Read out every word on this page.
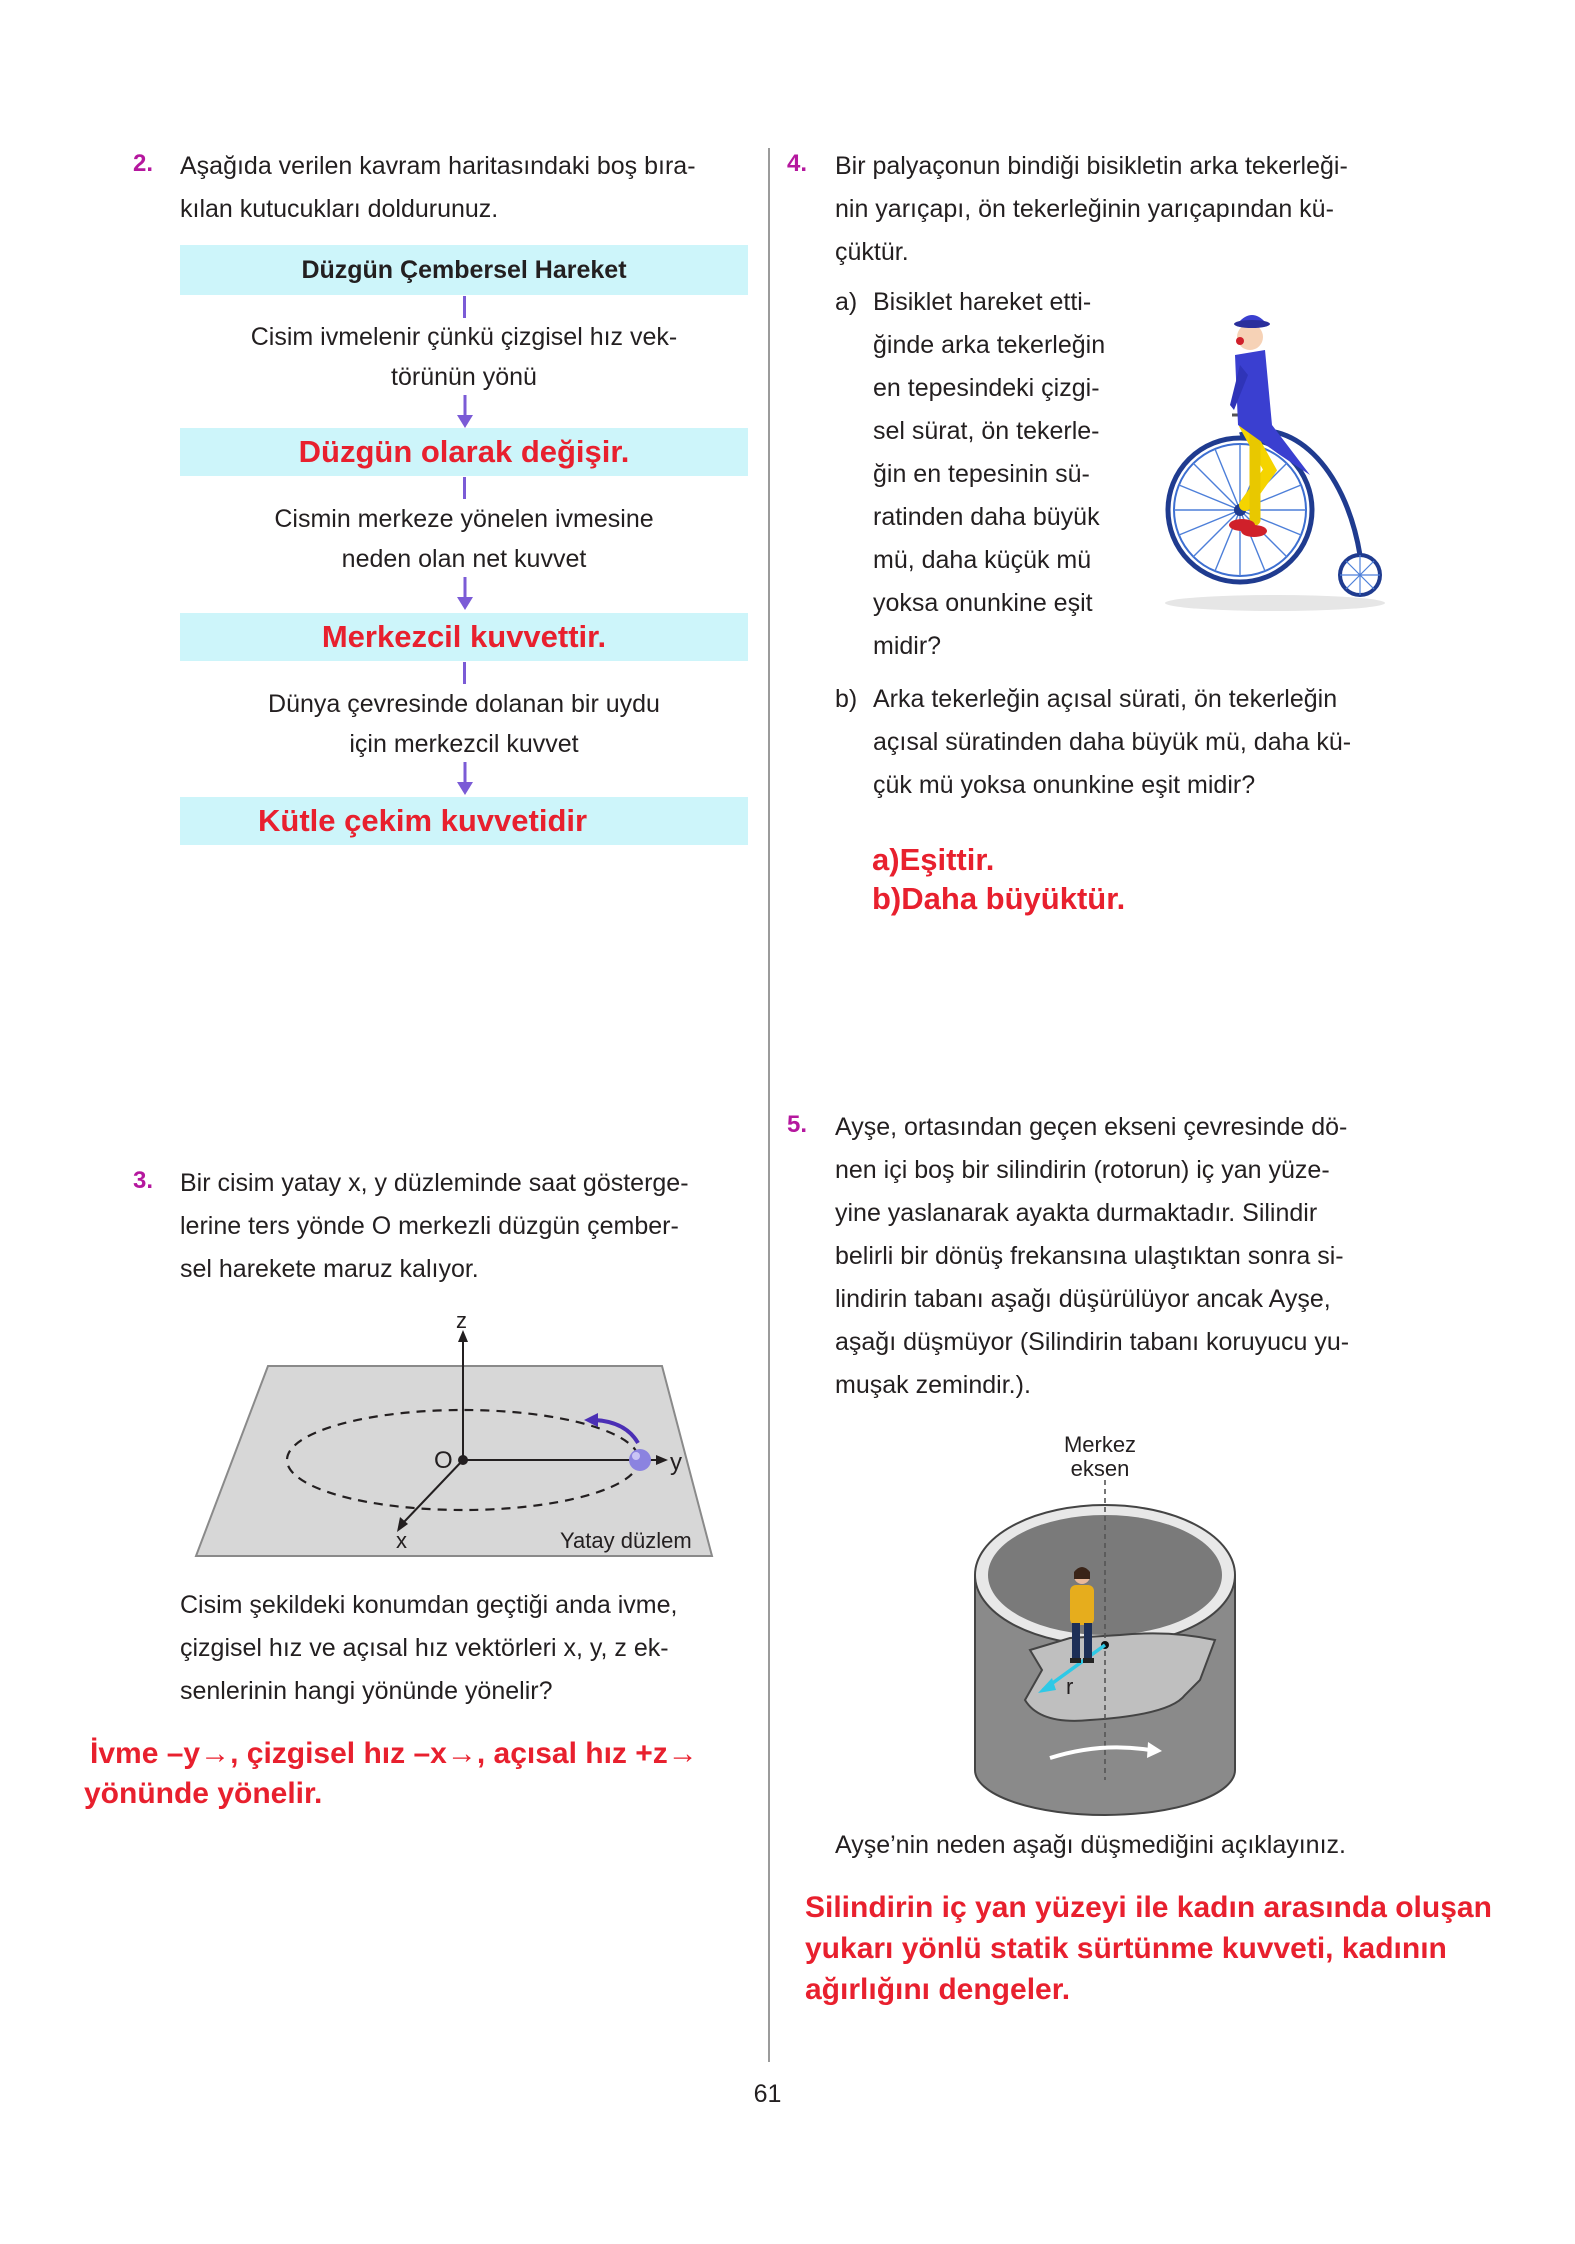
2. Aşağıda verilen kavram haritasındaki boş bıra-
kılan kutucukları doldurunuz.
Düzgün Çembersel Hareket
Cisim ivmelenir çünkü çizgisel hız vek-
törünün yönü
Düzgün olarak değişir.
Cismin merkeze yönelen ivmesine
neden olan net kuvvet
Merkezcil kuvvettir.
Dünya çevresinde dolanan bir uydu
için merkezcil kuvvet
Kütle çekim kuvvetidir
3. Bir cisim yatay x, y düzleminde saat gösterge-
lerine ters yönde O merkezli düzgün çember-
sel harekete maruz kalıyor.
z
O	y
x	Yatay düzlem
Cisim şekildeki konumdan geçtiği anda ivme,
çizgisel hız ve açısal hız vektörleri x, y, z ek-
senlerinin hangi yönünde yönelir?
İvme –y→, çizgisel hız –x→, açısal hız +z→
yönünde yönelir.
4. Bir palyaçonun bindiği bisikletin arka tekerleği-
nin yarıçapı, ön tekerleğinin yarıçapından kü-
çüktür.
a) Bisiklet hareket etti-
ğinde arka tekerleğin
en tepesindeki çizgi-
sel sürat, ön tekerle-
ğin en tepesinin sü-
ratinden daha büyük
mü, daha küçük mü
yoksa onunkine eşit
midir?
b) Arka tekerleğin açısal sürati, ön tekerleğin
açısal süratinden daha büyük mü, daha kü-
çük mü yoksa onunkine eşit midir?
a)Eşittir.
b)Daha büyüktür.
5. Ayşe, ortasından geçen ekseni çevresinde dö-
nen içi boş bir silindirin (rotorun) iç yan yüze-
yine yaslanarak ayakta durmaktadır. Silindir
belirli bir dönüş frekansına ulaştıktan sonra si-
lindirin tabanı aşağı düşürülüyor ancak Ayşe,
aşağı düşmüyor (Silindirin tabanı koruyucu yu-
muşak zemindir.).
Merkez
eksen
r
Ayşe’nin neden aşağı düşmediğini açıklayınız.
Silindirin iç yan yüzeyi ile kadın arasında oluşan
yukarı yönlü statik sürtünme kuvveti, kadının
ağırlığını dengeler.
61
